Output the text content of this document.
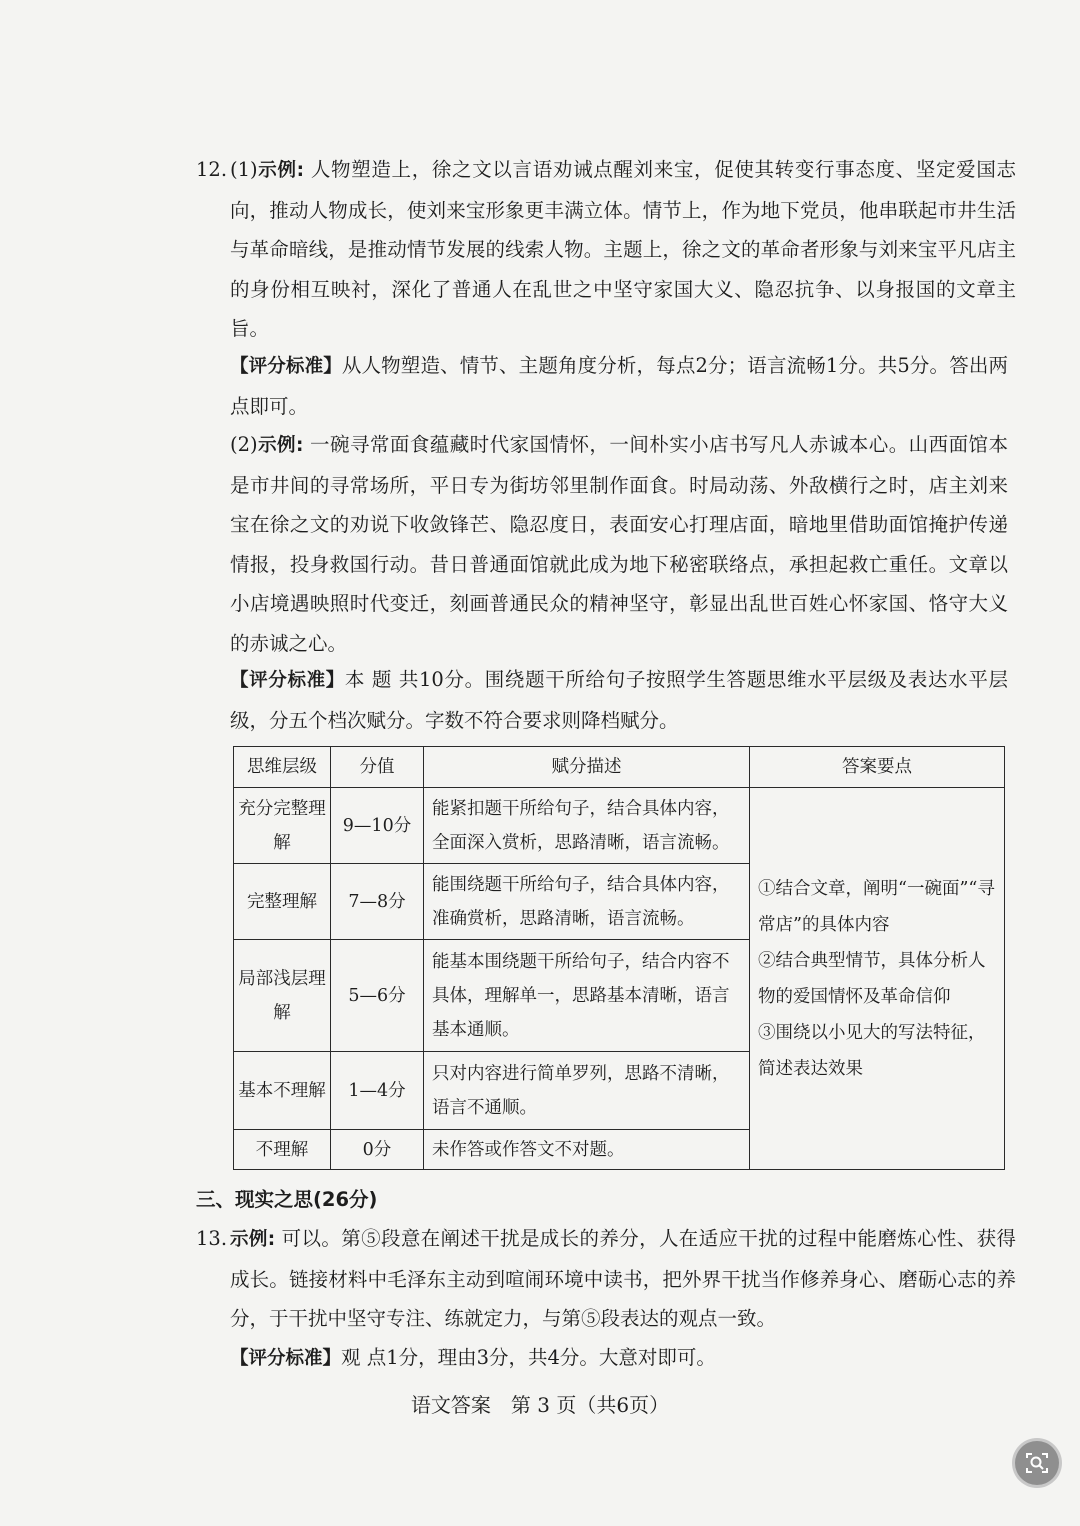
12. (1)示例: 人物塑造上，徐之文以言语劝诫点醒刘来宝，促使其转变行事态度、坚定爱国志向，推动人物成长，使刘来宝形象更丰满立体。情节上，作为地下党员，他串联起市井生活与革命暗线，是推动情节发展的线索人物。主题上，徐之文的革命者形象与刘来宝平凡店主的身份相互映衬，深化了普通人在乱世之中坚守家国大义、隐忍抗争、以身报国的文章主旨。
【评分标准】从人物塑造、情节、主题角度分析，每点2分；语言流畅1分。共5分。答出两点即可。
(2)示例: 一碗寻常面食蕴藏时代家国情怀，一间朴实小店书写凡人赤诚本心。山西面馆本是市井间的寻常场所，平日专为街坊邻里制作面食。时局动荡、外敌横行之时，店主刘来宝在徐之文的劝说下收敛锋芒、隐忍度日，表面安心打理店面，暗地里借助面馆掩护传递情报，投身救国行动。昔日普通面馆就此成为地下秘密联络点，承担起救亡重任。文章以小店境遇映照时代变迁，刻画普通民众的精神坚守，彰显出乱世百姓心怀家国、恪守大义的赤诚之心。
【评分标准】本 题 共10分。围绕题干所给句子按照学生答题思维水平层级及表达水平层级，分五个档次赋分。字数不符合要求则降档赋分。
思维层级	分值	赋分描述	答案要点
充分完整理解	9—10分	能紧扣题干所给句子，结合具体内容，全面深入赏析，思路清晰，语言流畅。	①结合文章，阐明“一碗面”“寻常店”的具体内容
②结合典型情节，具体分析人物的爱国情怀及革命信仰
③围绕以小见大的写法特征，简述表达效果

完整理解	7—8分	能围绕题干所给句子，结合具体内容，准确赏析，思路清晰，语言流畅。	
局部浅层理解	5—6分	能基本围绕题干所给句子，结合内容不具体，理解单一，思路基本清晰，语言基本通顺。	
基本不理解	1—4分	只对内容进行简单罗列，思路不清晰，语言不通顺。	
不理解	0分	未作答或作答文不对题。	
三、现实之思(26分)
13. 示例: 可以。第⑤段意在阐述干扰是成长的养分，人在适应干扰的过程中能磨炼心性、获得成长。链接材料中毛泽东主动到喧闹环境中读书，把外界干扰当作修养身心、磨砺心志的养分，于干扰中坚守专注、练就定力，与第⑤段表达的观点一致。
【评分标准】观 点1分，理由3分，共4分。大意对即可。
语文答案　第 3 页（共6页）
